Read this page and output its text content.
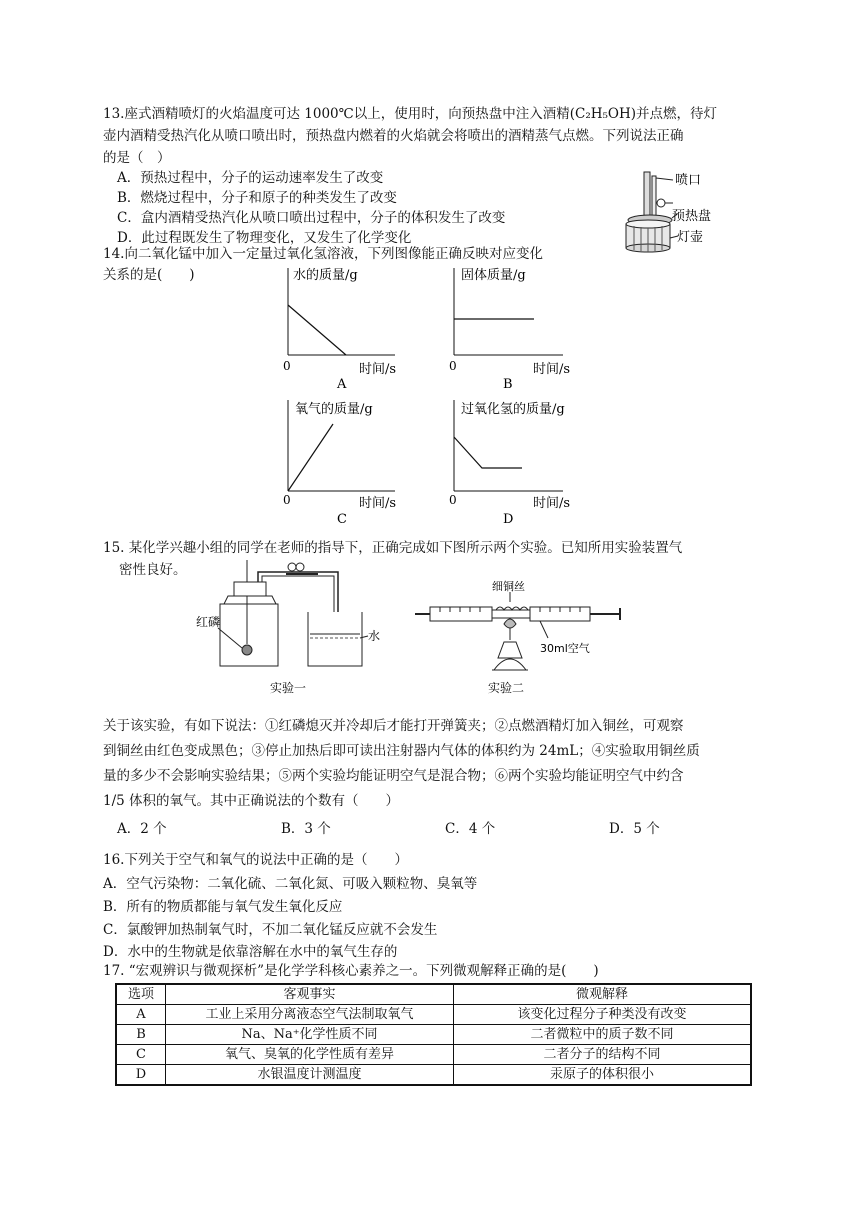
13.座式酒精喷灯的火焰温度可达 1000℃以上，使用时，向预热盘中注入酒精(C₂H₅OH)并点燃，待灯
壶内酒精受热汽化从喷口喷出时，预热盘内燃着的火焰就会将喷出的酒精蒸气点燃。下列说法正确
的是（　）
A．预热过程中，分子的运动速率发生了改变
B．燃烧过程中，分子和原子的种类发生了改变
C．盒内酒精受热汽化从喷口喷出过程中，分子的体积发生了改变
D．此过程既发生了物理变化，又发生了化学变化
喷口
预热盘
灯壶
14.向二氧化锰中加入一定量过氧化氢溶液，下列图像能正确反映对应变化
关系的是(　　)	水的质量/g
0	时间/s
A
固体质量/g
0	时间/s
B
氧气的质量/g
0	时间/s
C
过氧化氢的质量/g
0	时间/s
D
15. 某化学兴趣小组的同学在老师的指导下，正确完成如下图所示两个实验。已知所用实验装置气
密性良好。
红磷
水
实验一
细铜丝
30ml空气
实验二
关于该实验，有如下说法：①红磷熄灭并冷却后才能打开弹簧夹；②点燃酒精灯加入铜丝，可观察
到铜丝由红色变成黑色；③停止加热后即可读出注射器内气体的体积约为 24mL；④实验取用铜丝质
量的多少不会影响实验结果；⑤两个实验均能证明空气是混合物；⑥两个实验均能证明空气中约含
1/5 体积的氧气。其中正确说法的个数有（　　）
A．2 个	B．3 个	C．4 个	D．5 个
16.下列关于空气和氧气的说法中正确的是（　　）
A．空气污染物：二氧化硫、二氧化氮、可吸入颗粒物、臭氧等
B．所有的物质都能与氧气发生氧化反应
C．氯酸钾加热制氧气时，不加二氧化锰反应就不会发生
D．水中的生物就是依靠溶解在水中的氧气生存的
17. “宏观辨识与微观探析”是化学学科核心素养之一。下列微观解释正确的是(　　)
选项	客观事实	微观解释
A	工业上采用分离液态空气法制取氧气	该变化过程分子种类没有改变
B	Na、Na⁺化学性质不同	二者微粒中的质子数不同
C	氧气、臭氧的化学性质有差异	二者分子的结构不同
D	水银温度计测温度	汞原子的体积很小
